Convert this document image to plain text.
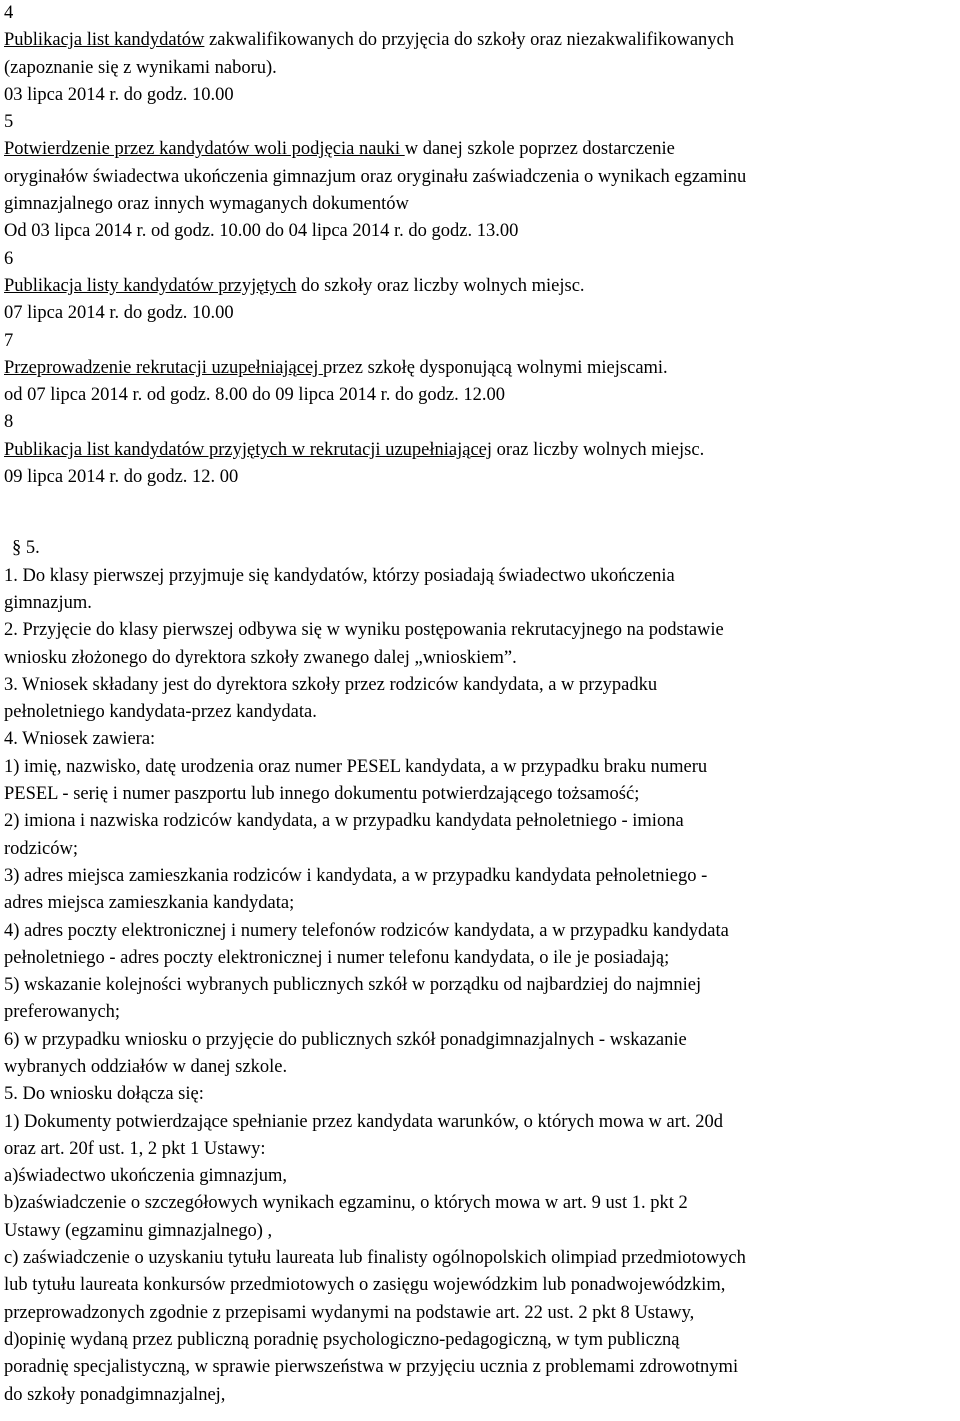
4
Publikacja list kandydatów zakwalifikowanych do przyjęcia do szkoły oraz niezakwalifikowanych
(zapoznanie się z wynikami naboru).
03 lipca 2014 r. do godz. 10.00
5
Potwierdzenie przez kandydatów woli podjęcia nauki w danej szkole poprzez dostarczenie
oryginałów świadectwa ukończenia gimnazjum oraz oryginału zaświadczenia o wynikach egzaminu
gimnazjalnego oraz innych wymaganych dokumentów
Od 03 lipca 2014 r. od godz. 10.00 do 04 lipca 2014 r. do godz. 13.00
6
Publikacja listy kandydatów przyjętych do szkoły oraz liczby wolnych miejsc.
07 lipca 2014 r. do godz. 10.00
7
Przeprowadzenie rekrutacji uzupełniającej przez szkołę dysponującą wolnymi miejscami.
od 07 lipca 2014 r. od godz. 8.00 do 09 lipca 2014 r. do godz. 12.00
8
Publikacja list kandydatów przyjętych w rekrutacji uzupełniającej oraz liczby wolnych miejsc.
09 lipca 2014 r. do godz. 12. 00
§ 5.
1. Do klasy pierwszej przyjmuje się kandydatów, którzy posiadają świadectwo ukończenia
gimnazjum.
2. Przyjęcie do klasy pierwszej odbywa się w wyniku postępowania rekrutacyjnego na podstawie
wniosku złożonego do dyrektora szkoły zwanego dalej „wnioskiem”.
3. Wniosek składany jest do dyrektora szkoły przez rodziców kandydata, a w przypadku
pełnoletniego kandydata-przez kandydata.
4. Wniosek zawiera:
1) imię, nazwisko, datę urodzenia oraz numer PESEL kandydata, a w przypadku braku numeru
PESEL - serię i numer paszportu lub innego dokumentu potwierdzającego tożsamość;
2) imiona i nazwiska rodziców kandydata, a w przypadku kandydata pełnoletniego - imiona
rodziców;
3) adres miejsca zamieszkania rodziców i kandydata, a w przypadku kandydata pełnoletniego -
adres miejsca zamieszkania kandydata;
4) adres poczty elektronicznej i numery telefonów rodziców kandydata, a w przypadku kandydata
pełnoletniego - adres poczty elektronicznej i numer telefonu kandydata, o ile je posiadają;
5) wskazanie kolejności wybranych publicznych szkół w porządku od najbardziej do najmniej
preferowanych;
6) w przypadku wniosku o przyjęcie do publicznych szkół ponadgimnazjalnych - wskazanie
wybranych oddziałów w danej szkole.
5. Do wniosku dołącza się:
1) Dokumenty potwierdzające spełnianie przez kandydata warunków, o których mowa w art. 20d
oraz art. 20f ust. 1, 2 pkt 1 Ustawy:
a)świadectwo ukończenia gimnazjum,
b)zaświadczenie o szczegółowych wynikach egzaminu, o których mowa w art. 9 ust 1. pkt 2
Ustawy (egzaminu gimnazjalnego) ,
c) zaświadczenie o uzyskaniu tytułu laureata lub finalisty ogólnopolskich olimpiad przedmiotowych
lub tytułu laureata konkursów przedmiotowych o zasięgu wojewódzkim lub ponadwojewódzkim,
przeprowadzonych zgodnie z przepisami wydanymi na podstawie art. 22 ust. 2 pkt 8 Ustawy,
d)opinię wydaną przez publiczną poradnię psychologiczno-pedagogiczną, w tym publiczną
poradnię specjalistyczną, w sprawie pierwszeństwa w przyjęciu ucznia z problemami zdrowotnymi
do szkoły ponadgimnazjalnej,
